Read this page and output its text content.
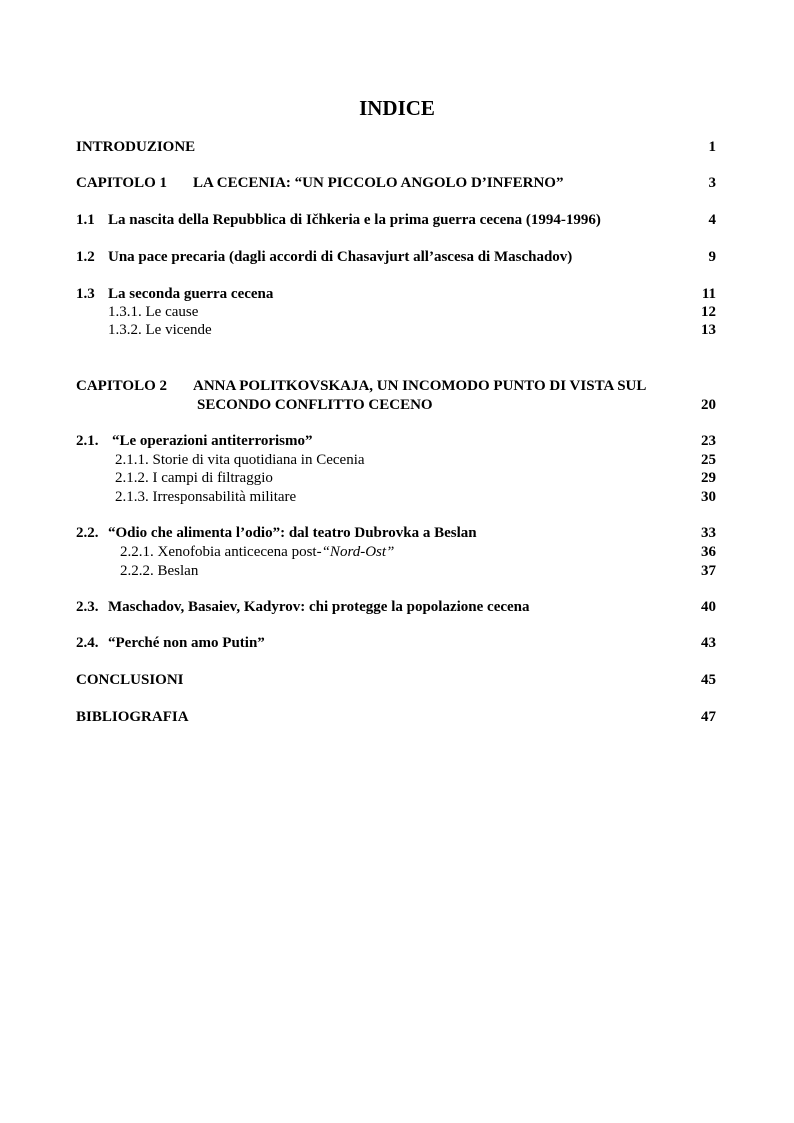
INDICE
INTRODUZIONE	1
CAPITOLO 1 LA CECENIA: “UN PICCOLO ANGOLO D’INFERNO”	3
1.1 La nascita della Repubblica di Ičhkeria e la prima guerra cecena (1994-1996)	4
1.2 Una pace precaria (dagli accordi di Chasavjurt all’ascesa di Maschadov)	9
1.3 La seconda guerra cecena	11
1.3.1. Le cause	12
1.3.2. Le vicende	13
CAPITOLO 2 ANNA POLITKOVSKAJA, UN INCOMODO PUNTO DI VISTA SUL
SECONDO CONFLITTO CECENO	20
2.1. “Le operazioni antiterrorismo”	23
2.1.1. Storie di vita quotidiana in Cecenia	25
2.1.2. I campi di filtraggio	29
2.1.3. Irresponsabilità militare	30
2.2. “Odio che alimenta l’odio”: dal teatro Dubrovka a Beslan	33
2.2.1. Xenofobia anticecena post-“Nord-Ost”	36
2.2.2. Beslan	37
2.3. Maschadov, Basaiev, Kadyrov: chi protegge la popolazione cecena	40
2.4. “Perché non amo Putin”	43
CONCLUSIONI	45
BIBLIOGRAFIA	47
